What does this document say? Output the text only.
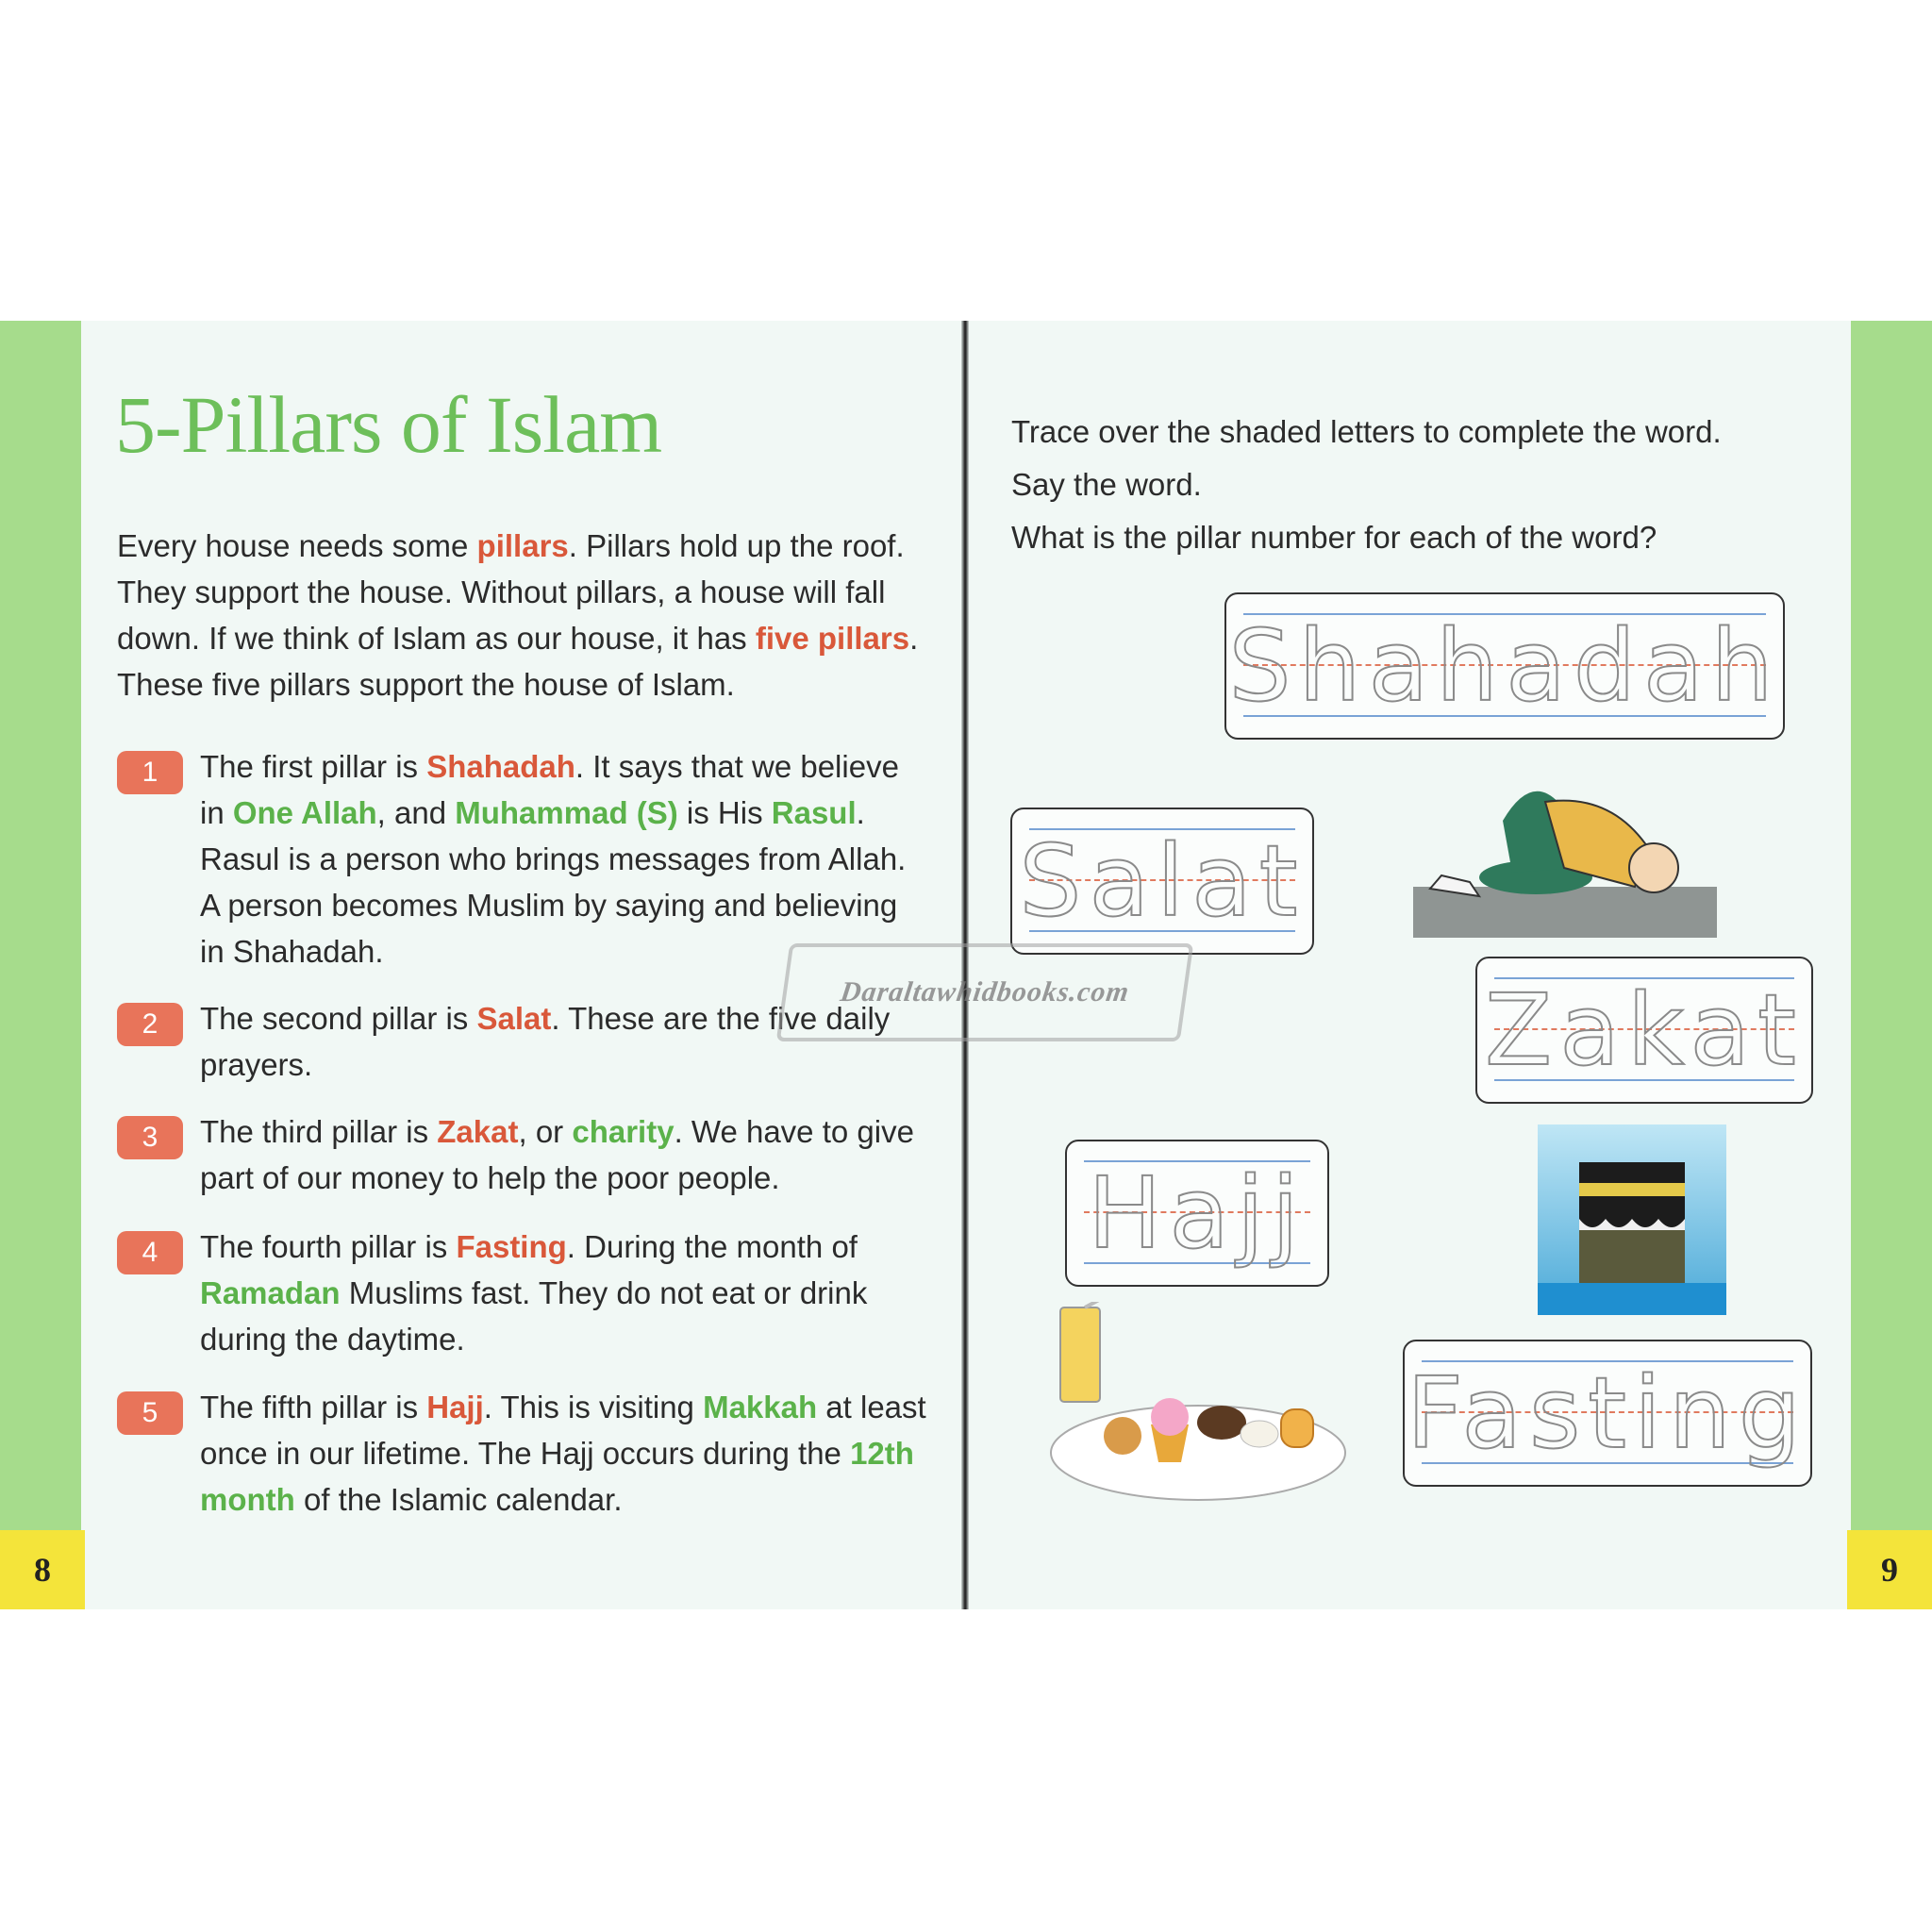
5-Pillars of Islam

Every house needs some pillars. Pillars hold up the roof. They support the house. Without pillars, a house will fall down. If we think of Islam as our house, it has five pillars. These five pillars support the house of Islam.

1	The first pillar is Shahadah. It says that we believe in One Allah, and Muhammad (S) is His Rasul. Rasul is a person who brings messages from Allah. A person becomes Muslim by saying and believing in Shahadah.
2	The second pillar is Salat. These are the five daily prayers.
3	The third pillar is Zakat, or charity. We have to give part of our money to help the poor people.
4	The fourth pillar is Fasting. During the month of Ramadan Muslims fast. They do not eat or drink during the daytime.
5	The fifth pillar is Hajj. This is visiting Makkah at least once in our lifetime. The Hajj occurs during the 12th month of the Islamic calendar.
8
Trace over the shaded letters to complete the word.
Say the word.
What is the pillar number for each of the word?
Shahadah
Salat
Zakat
Hajj
Fasting
9
Daraltawhidbooks.com
